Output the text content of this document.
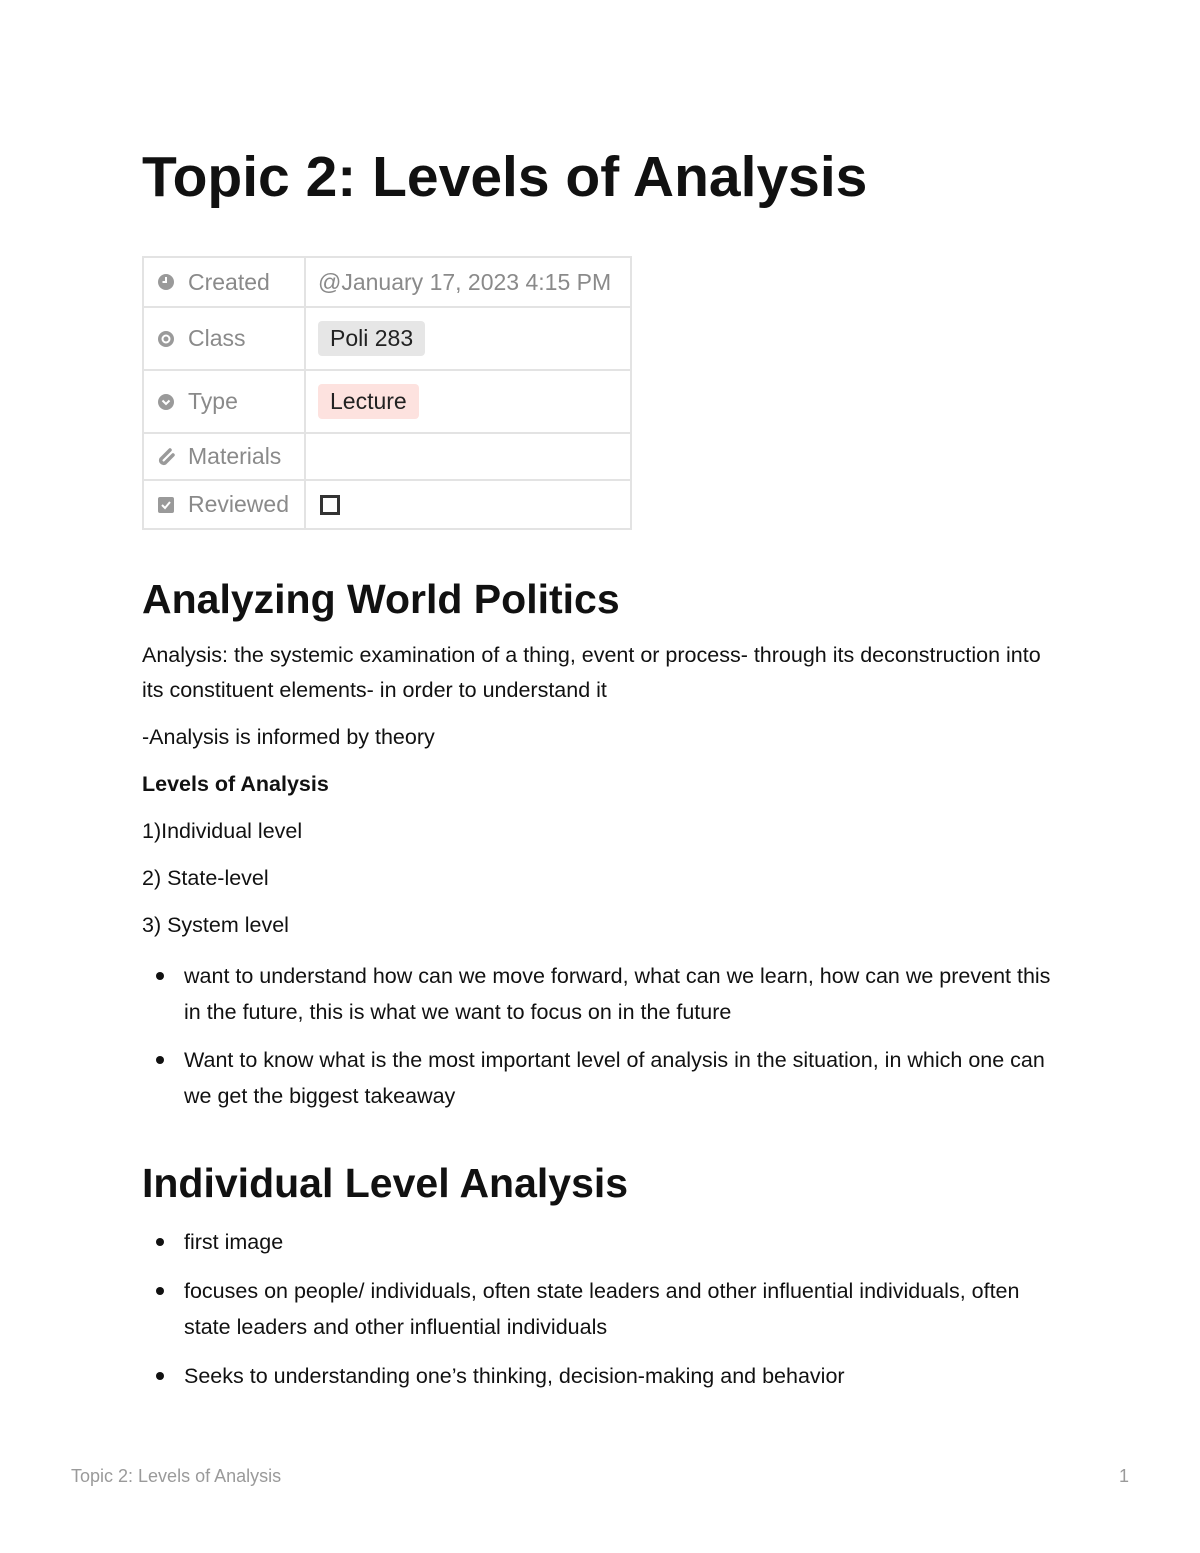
Topic 2: Levels of Analysis
Created	@January 17, 2023 4:15 PM

Class	Poli 283

Type	Lecture

Materials	

Reviewed	

Analyzing World Politics

Analysis: the systemic examination of a thing, event or process- through its deconstruction into its constituent elements- in order to understand it

-Analysis is informed by theory

Levels of Analysis

1)Individual level

2) State-level

3) System level

want to understand how can we move forward, what can we learn, how can we prevent this in the future, this is what we want to focus on in the future
Want to know what is the most important level of analysis in the situation, in which one can we get the biggest takeaway
Individual Level Analysis
first image
focuses on people/ individuals, often state leaders and other influential individuals, often state leaders and other influential individuals
Seeks to understanding one’s thinking, decision-making and behavior
Topic 2: Levels of Analysis	1
